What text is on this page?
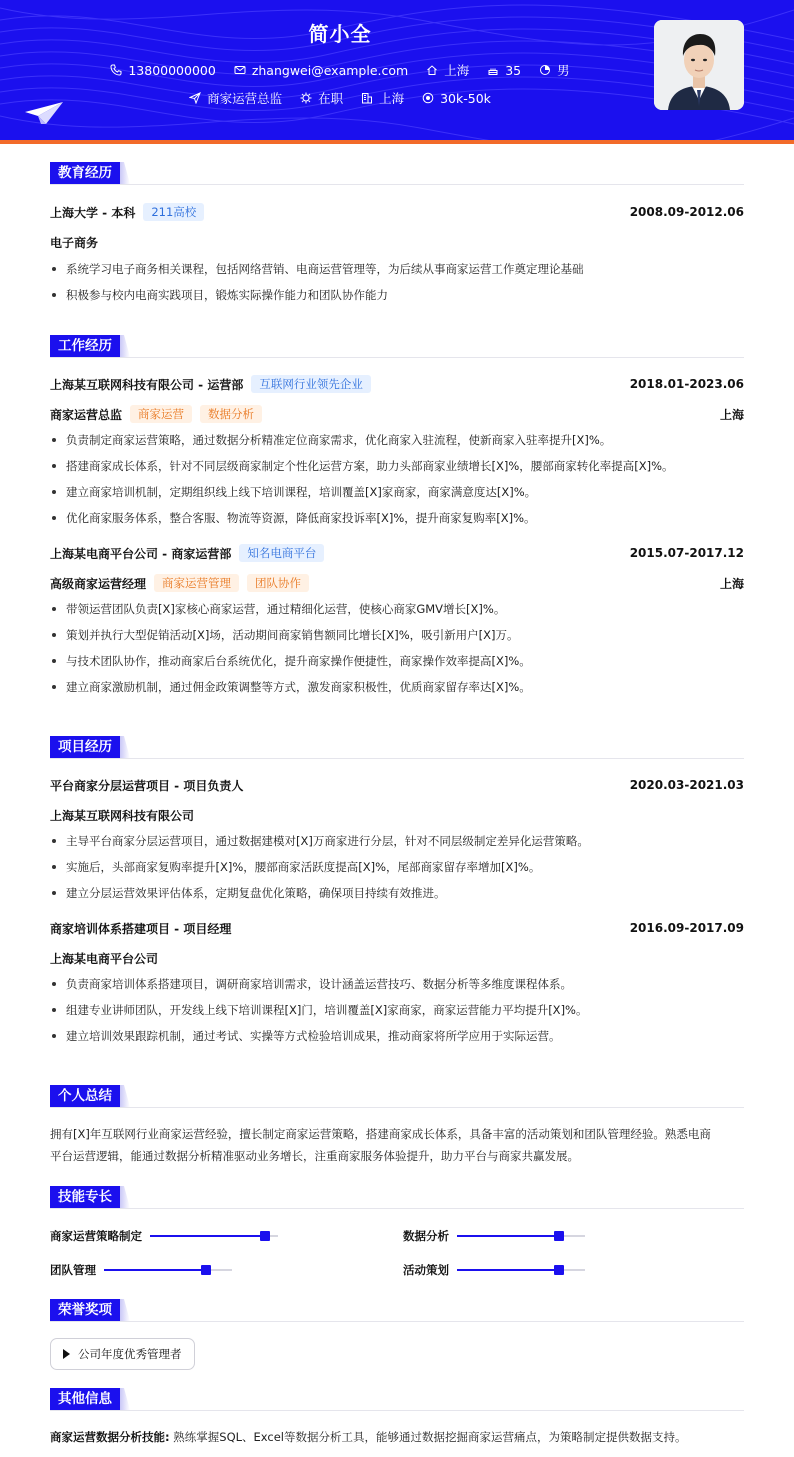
简小全
13800000000	zhangwei@example.com	上海	35	男
商家运营总监	在职	上海	30k-50k
教育经历
上海大学 - 本科	211高校	2008.09-2012.06
电子商务
系统学习电子商务相关课程，包括网络营销、电商运营管理等，为后续从事商家运营工作奠定理论基础
积极参与校内电商实践项目，锻炼实际操作能力和团队协作能力
工作经历
上海某互联网科技有限公司 - 运营部	互联网行业领先企业	2018.01-2023.06
商家运营总监	商家运营	数据分析	上海
负责制定商家运营策略，通过数据分析精准定位商家需求，优化商家入驻流程，使新商家入驻率提升[X]%。
搭建商家成长体系，针对不同层级商家制定个性化运营方案，助力头部商家业绩增长[X]%，腰部商家转化率提高[X]%。
建立商家培训机制，定期组织线上线下培训课程，培训覆盖[X]家商家，商家满意度达[X]%。
优化商家服务体系，整合客服、物流等资源，降低商家投诉率[X]%，提升商家复购率[X]%。
上海某电商平台公司 - 商家运营部	知名电商平台	2015.07-2017.12
高级商家运营经理	商家运营管理	团队协作	上海
带领运营团队负责[X]家核心商家运营，通过精细化运营，使核心商家GMV增长[X]%。
策划并执行大型促销活动[X]场，活动期间商家销售额同比增长[X]%，吸引新用户[X]万。
与技术团队协作，推动商家后台系统优化，提升商家操作便捷性，商家操作效率提高[X]%。
建立商家激励机制，通过佣金政策调整等方式，激发商家积极性，优质商家留存率达[X]%。
项目经历
平台商家分层运营项目 - 项目负责人	2020.03-2021.03
上海某互联网科技有限公司
主导平台商家分层运营项目，通过数据建模对[X]万商家进行分层，针对不同层级制定差异化运营策略。
实施后，头部商家复购率提升[X]%，腰部商家活跃度提高[X]%，尾部商家留存率增加[X]%。
建立分层运营效果评估体系，定期复盘优化策略，确保项目持续有效推进。
商家培训体系搭建项目 - 项目经理	2016.09-2017.09
上海某电商平台公司
负责商家培训体系搭建项目，调研商家培训需求，设计涵盖运营技巧、数据分析等多维度课程体系。
组建专业讲师团队，开发线上线下培训课程[X]门，培训覆盖[X]家商家，商家运营能力平均提升[X]%。
建立培训效果跟踪机制，通过考试、实操等方式检验培训成果，推动商家将所学应用于实际运营。
个人总结
拥有[X]年互联网行业商家运营经验，擅长制定商家运营策略，搭建商家成长体系，具备丰富的活动策划和团队管理经验。熟悉电商
平台运营逻辑，能通过数据分析精准驱动业务增长，注重商家服务体验提升，助力平台与商家共赢发展。
技能专长
商家运营策略制定	数据分析
团队管理	活动策划
荣誉奖项
公司年度优秀管理者
其他信息
商家运营数据分析技能: 熟练掌握SQL、Excel等数据分析工具，能够通过数据挖掘商家运营痛点，为策略制定提供数据支持。
